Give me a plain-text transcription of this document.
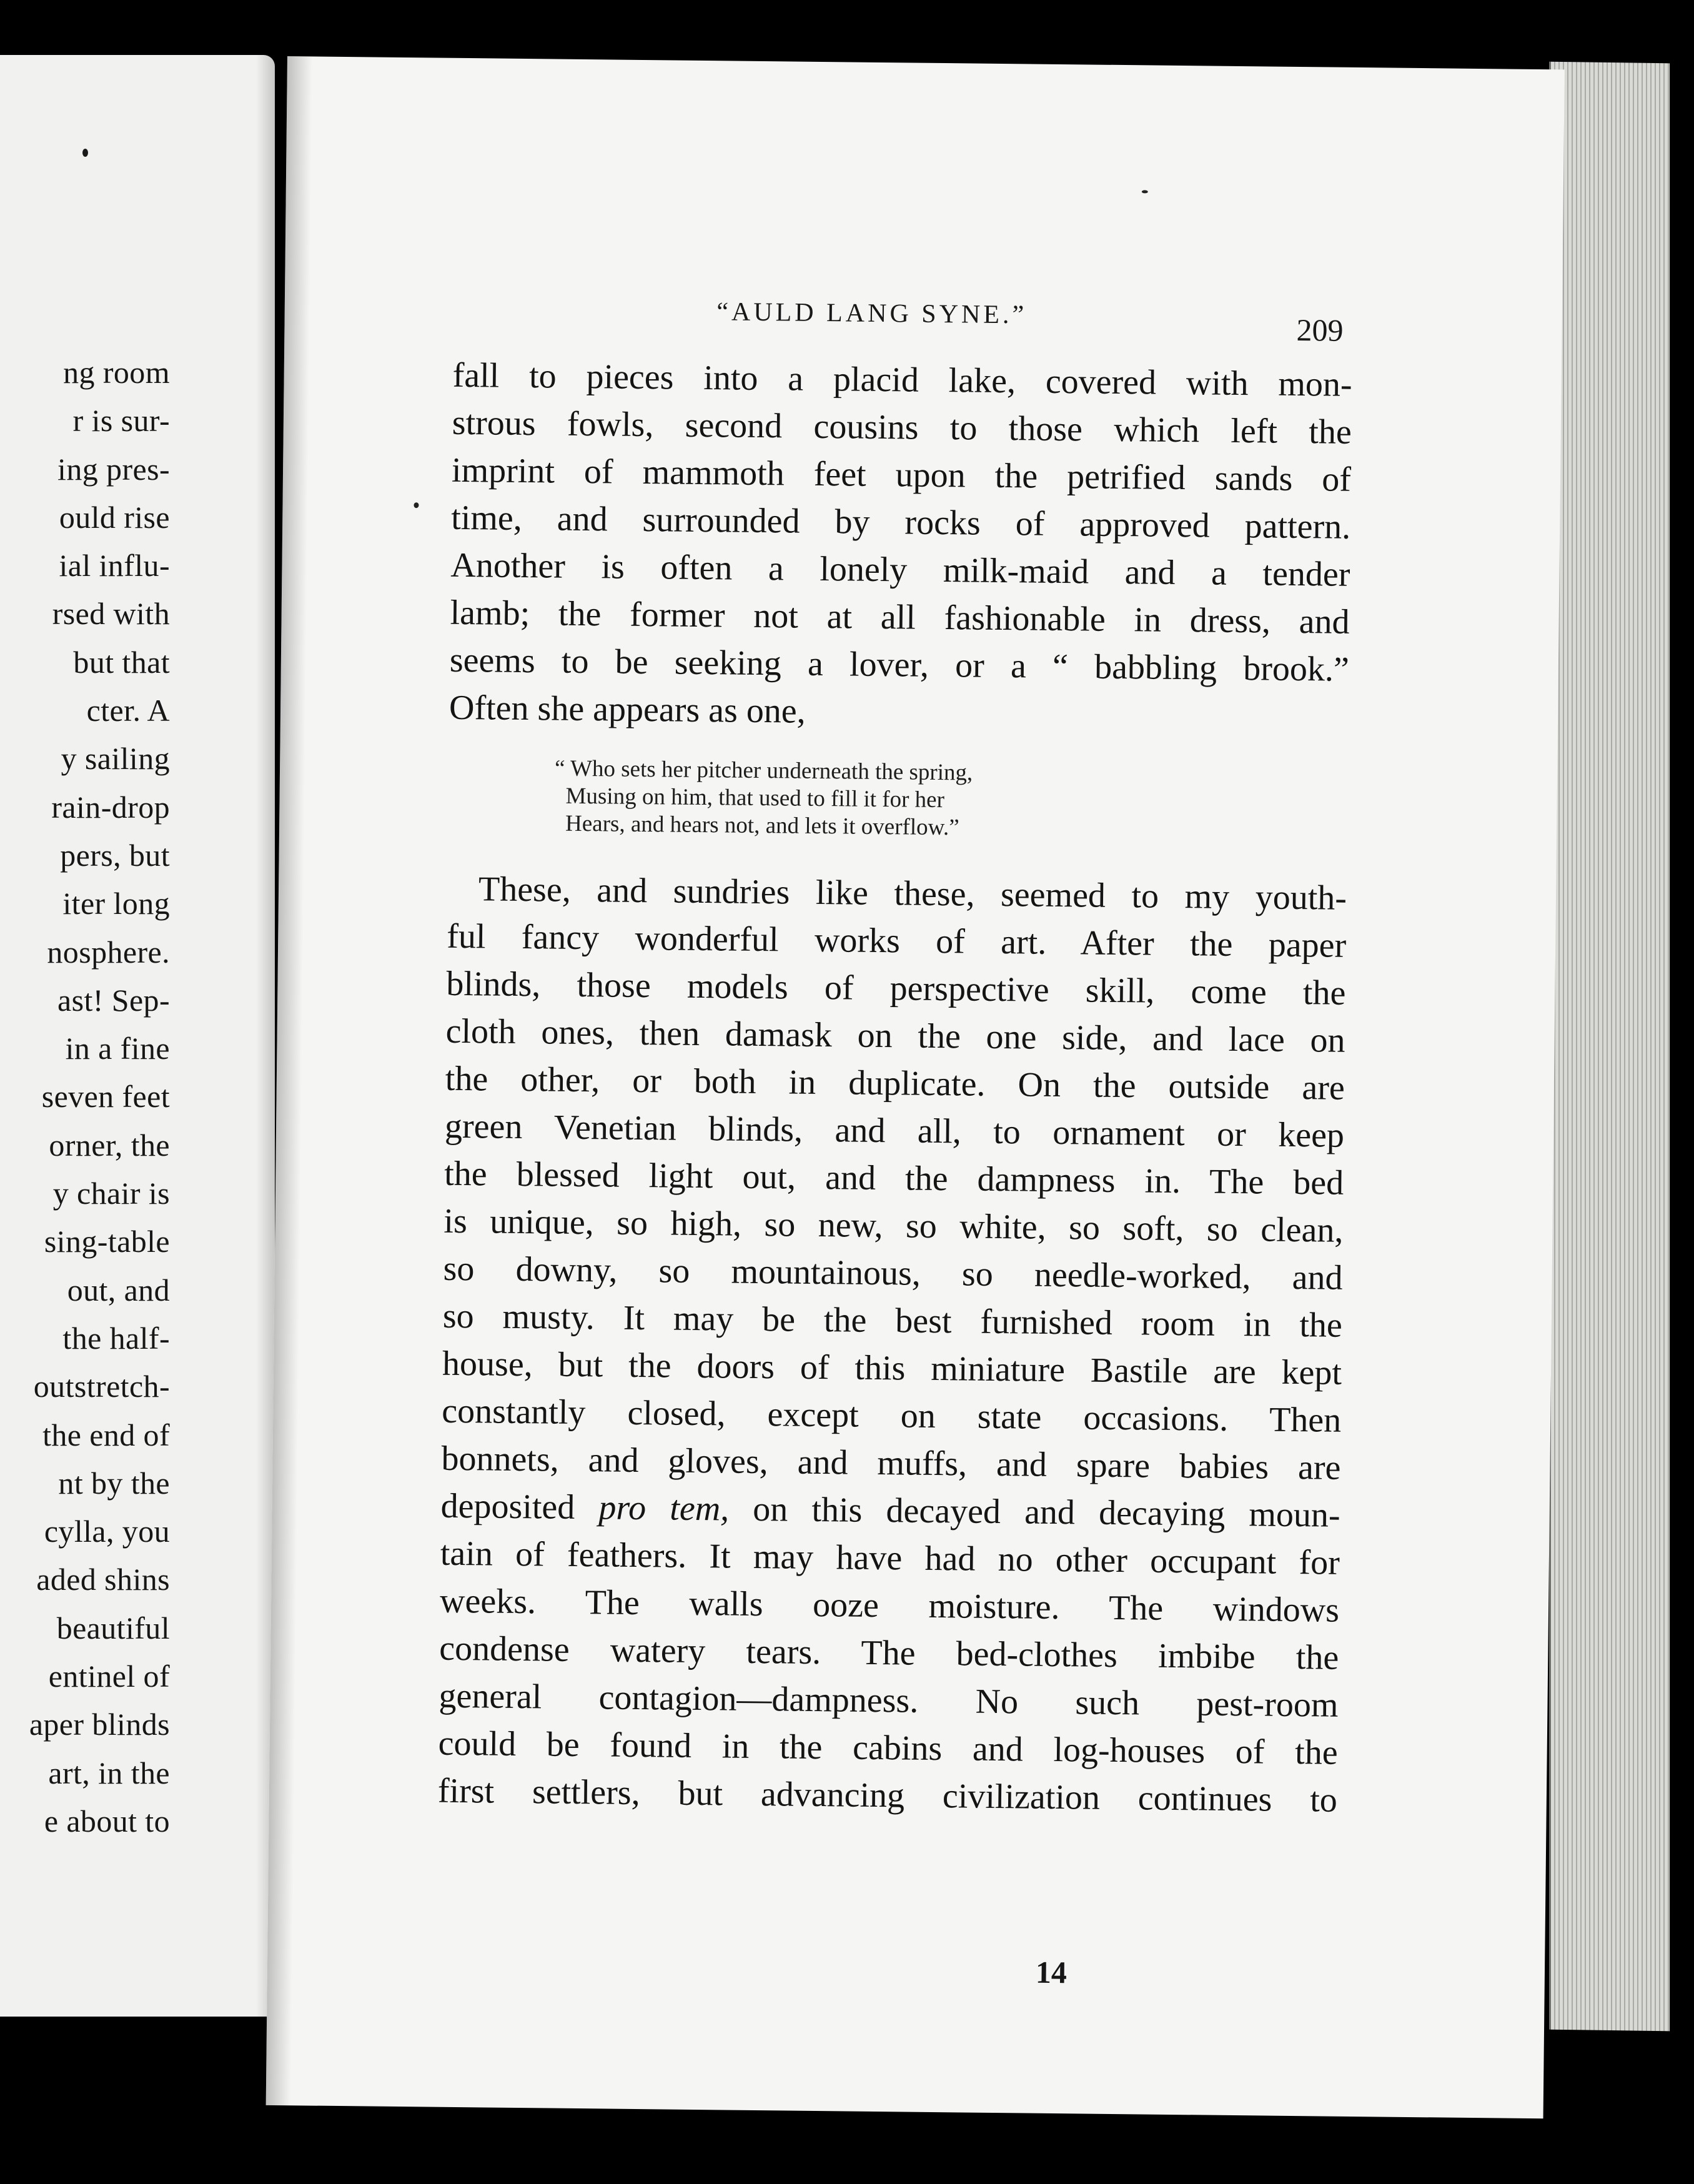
ng room
r is sur-
ing pres-
ould rise
ial influ-
rsed with
but that
cter. A
y sailing
rain-drop
pers, but
iter long
nosphere.
ast! Sep-
in a fine
seven feet
orner, the
y chair is
sing-table
out, and
the half-
outstretch-
the end of
nt by the
cylla, you
aded shins
beautiful
entinel of
aper blinds
art, in the
e about to
“AULD LANG SYNE.”	209
fall to pieces into a placid lake, covered with mon-
strous fowls, second cousins to those which left the
imprint of mammoth feet upon the petrified sands of
time, and surrounded by rocks of approved pattern.
Another is often a lonely milk-maid and a tender
lamb; the former not at all fashionable in dress, and
seems to be seeking a lover, or a “ babbling brook.”
Often she appears as one,
“ Who sets her pitcher underneath the spring,
Musing on him, that used to fill it for her
Hears, and hears not, and lets it overflow.”
These, and sundries like these, seemed to my youth-
ful fancy wonderful works of art. After the paper
blinds, those models of perspective skill, come the
cloth ones, then damask on the one side, and lace on
the other, or both in duplicate. On the outside are
green Venetian blinds, and all, to ornament or keep
the blessed light out, and the dampness in. The bed
is unique, so high, so new, so white, so soft, so clean,
so downy, so mountainous, so needle-worked, and
so musty. It may be the best furnished room in the
house, but the doors of this miniature Bastile are kept
constantly closed, except on state occasions. Then
bonnets, and gloves, and muffs, and spare babies are
deposited pro tem, on this decayed and decaying moun-
tain of feathers. It may have had no other occupant for
weeks. The walls ooze moisture. The windows
condense watery tears. The bed-clothes imbibe the
general contagion—dampness. No such pest-room
could be found in the cabins and log-houses of the
first settlers, but advancing civilization continues to
14
